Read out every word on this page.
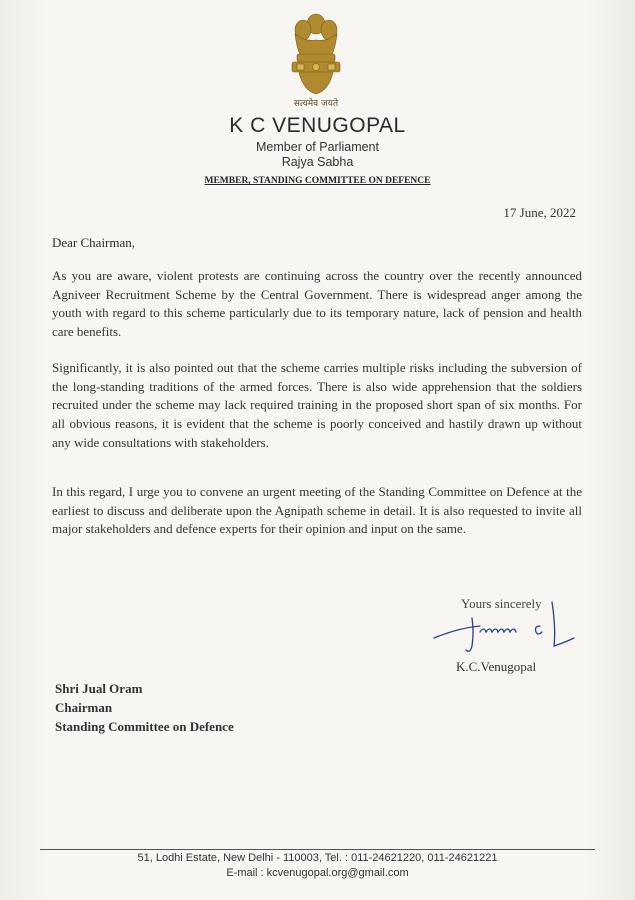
सत्यमेव जयते
K C VENUGOPAL
Member of Parliament
Rajya Sabha
MEMBER, STANDING COMMITTEE ON DEFENCE
17 June, 2022
Dear Chairman,

As you are aware, violent protests are continuing across the country over the recently announced Agniveer Recruitment Scheme by the Central Government. There is widespread anger among the youth with regard to this scheme particularly due to its temporary nature, lack of pension and health care benefits.

Significantly, it is also pointed out that the scheme carries multiple risks including the subversion of the long-standing traditions of the armed forces. There is also wide apprehension that the soldiers recruited under the scheme may lack required training in the proposed short span of six months. For all obvious reasons, it is evident that the scheme is poorly conceived and hastily drawn up without any wide consultations with stakeholders.

In this regard, I urge you to convene an urgent meeting of the Standing Committee on Defence at the earliest to discuss and deliberate upon the Agnipath scheme in detail. It is also requested to invite all major stakeholders and defence experts for their opinion and input on the same.

Yours sincerely
K.C.Venugopal
Shri Jual Oram
Chairman
Standing Committee on Defence
51, Lodhi Estate, New Delhi - 110003, Tel. : 011-24621220, 011-24621221
E-mail : kcvenugopal.org@gmail.com
